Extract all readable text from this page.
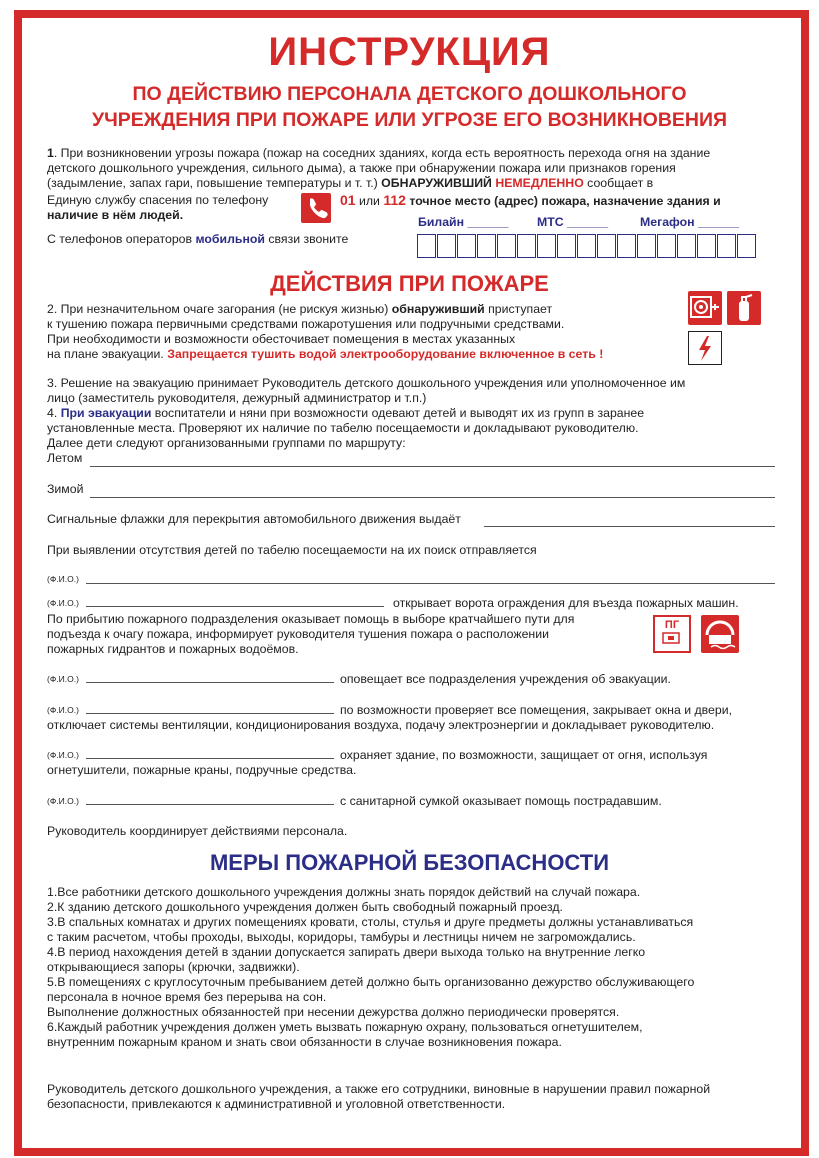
ИНСТРУКЦИЯ
ПО ДЕЙСТВИЮ ПЕРСОНАЛА ДЕТСКОГО ДОШКОЛЬНОГО
УЧРЕЖДЕНИЯ ПРИ ПОЖАРЕ ИЛИ УГРОЗЕ ЕГО ВОЗНИКНОВЕНИЯ
1. При возникновении угрозы пожара (пожар на соседних зданиях, когда есть вероятность перехода огня на здание
детского дошкольного учреждения, сильного дыма), а также при обнаружении пожара или признаков горения
(задымление, запах гари, повышение температуры и т. т.) ОБНАРУЖИВШИЙ НЕМЕДЛЕННО сообщает в
Единую службу спасения по телефону
наличие в нём людей.
01 или 112 точное место (адрес) пожара, назначение здания и
Билайн ______ МТС ______	Мегафон ______
С телефонов операторов мобильной связи звоните
ДЕЙСТВИЯ ПРИ ПОЖАРЕ
2. При незначительном очаге загорания (не рискуя жизнью) обнаруживший приступает
к тушению пожара первичными средствами пожаротушения или подручными средствами.
При необходимости и возможности обесточивает помещения в местах указанных
на плане эвакуации. Запрещается тушить водой электрооборудование включенное в сеть !
3. Решение на эвакуацию принимает Руководитель детского дошкольного учреждения или уполномоченное им
лицо (заместитель руководителя, дежурный администратор и т.п.)
4. При эвакуации воспитатели и няни при возможности одевают детей и выводят их из групп в заранее
установленные места. Проверяют их наличие по табелю посещаемости и докладывают руководителю.
Далее дети следуют организованными группами по маршруту:
Летом
Зимой
Сигнальные флажки для перекрытия автомобильного движения выдаёт
При выявлении отсутствия детей по табелю посещаемости на их поиск отправляется
(Ф.И.О.)
(Ф.И.О.)	открывает ворота ограждения для въезда пожарных машин.
По прибытию пожарного подразделения оказывает помощь в выборе кратчайшего пути для
подъезда к очагу пожара, информирует руководителя тушения пожара о расположении
пожарных гидрантов и пожарных водоёмов.
ПГ
(Ф.И.О.)	оповещает все подразделения учреждения об эвакуации.
(Ф.И.О.)	по возможности проверяет все помещения, закрывает окна и двери,
отключает системы вентиляции, кондиционирования воздуха, подачу электроэнергии и докладывает руководителю.
(Ф.И.О.)	охраняет здание, по возможности, защищает от огня, используя
огнетушители, пожарные краны, подручные средства.
(Ф.И.О.)	с санитарной сумкой оказывает помощь пострадавшим.
Руководитель координирует действиями персонала.
МЕРЫ ПОЖАРНОЙ БЕЗОПАСНОСТИ
1.Все работники детского дошкольного учреждения должны знать порядок действий на случай пожара.
2.К зданию детского дошкольного учреждения должен быть свободный пожарный проезд.
3.В спальных комнатах и других помещениях кровати, столы, стулья и друге предметы должны устанавливаться
с таким расчетом, чтобы проходы, выходы, коридоры, тамбуры и лестницы ничем не загромождались.
4.В период нахождения детей в здании допускается запирать двери выхода только на внутренние легко
открывающиеся запоры (крючки, задвижки).
5.В помещениях с круглосуточным пребыванием детей должно быть организованно дежурство обслуживающего
персонала в ночное время без перерыва на сон.
Выполнение должностных обязанностей при несении дежурства должно периодически проверятся.
6.Каждый работник учреждения должен уметь вызвать пожарную охрану, пользоваться огнетушителем,
внутренним пожарным краном и знать свои обязанности в случае возникновения пожара.
Руководитель детского дошкольного учреждения, а также его сотрудники, виновные в нарушении правил пожарной
безопасности, привлекаются к административной и уголовной ответственности.
